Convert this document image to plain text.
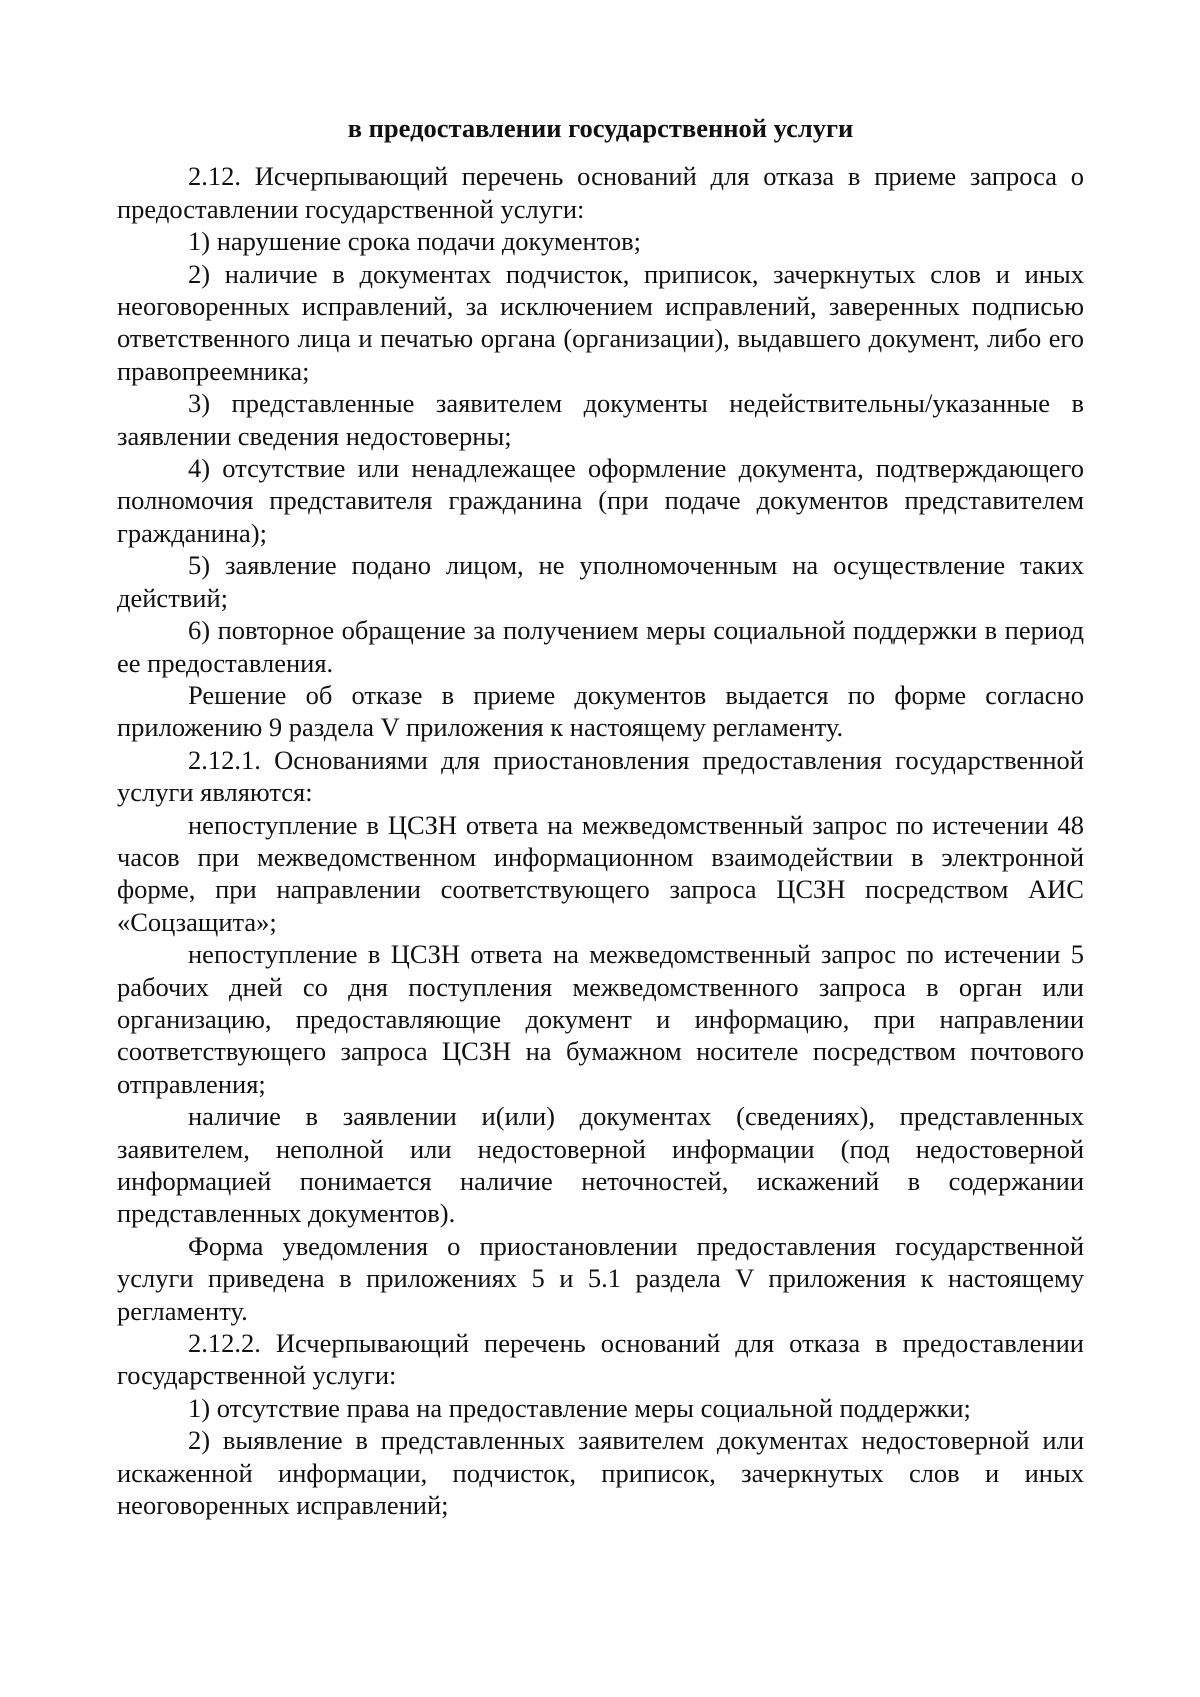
в предоставлении государственной услуги

2.12. Исчерпывающий перечень оснований для отказа в приеме запроса о предоставлении государственной услуги:

1) нарушение срока подачи документов;

2) наличие в документах подчисток, приписок, зачеркнутых слов и иных неоговоренных исправлений, за исключением исправлений, заверенных подписью ответственного лица и печатью органа (организации), выдавшего документ, либо его правопреемника;

3) представленные заявителем документы недействительны/указанные в заявлении сведения недостоверны;

4) отсутствие или ненадлежащее оформление документа, подтверждающего полномочия представителя гражданина (при подаче документов представителем гражданина);

5) заявление подано лицом, не уполномоченным на осуществление таких действий;

6) повторное обращение за получением меры социальной поддержки в период ее предоставления.

Решение об отказе в приеме документов выдается по форме согласно приложению 9 раздела V приложения к настоящему регламенту.

2.12.1. Основаниями для приостановления предоставления государственной услуги являются:

непоступление в ЦСЗН ответа на межведомственный запрос по истечении 48 часов при межведомственном информационном взаимодействии в электронной форме, при направлении соответствующего запроса ЦСЗН посредством АИС «Соцзащита»;

непоступление в ЦСЗН ответа на межведомственный запрос по истечении 5 рабочих дней со дня поступления межведомственного запроса в орган или организацию, предоставляющие документ и информацию, при направлении соответствующего запроса ЦСЗН на бумажном носителе посредством почтового отправления;

наличие в заявлении и(или) документах (сведениях), представленных заявителем, неполной или недостоверной информации (под недостоверной информацией понимается наличие неточностей, искажений в содержании представленных документов).

Форма уведомления о приостановлении предоставления государственной услуги приведена в приложениях 5 и 5.1 раздела V приложения к настоящему регламенту.

2.12.2. Исчерпывающий перечень оснований для отказа в предоставлении государственной услуги:

1) отсутствие права на предоставление меры социальной поддержки;

2) выявление в представленных заявителем документах недостоверной или искаженной информации, подчисток, приписок, зачеркнутых слов и иных неоговоренных исправлений;
